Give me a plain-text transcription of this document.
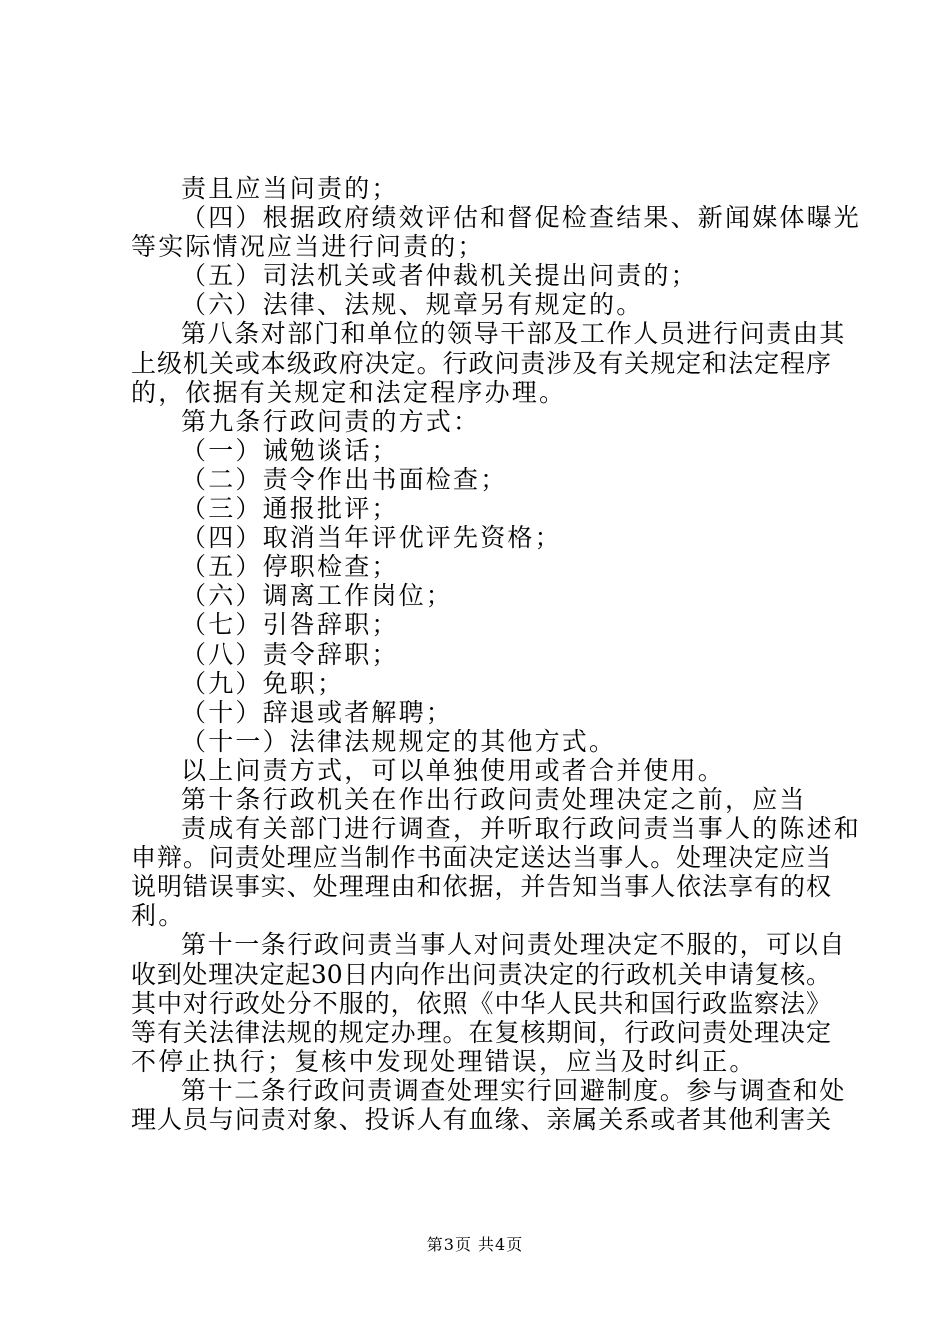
责且应当问责的；
（四）根据政府绩效评估和督促检查结果、新闻媒体曝光
等实际情况应当进行问责的；
（五）司法机关或者仲裁机关提出问责的；
（六）法律、法规、规章另有规定的。
第八条对部门和单位的领导干部及工作人员进行问责由其
上级机关或本级政府决定。行政问责涉及有关规定和法定程序
的，依据有关规定和法定程序办理。
第九条行政问责的方式：
（一）诫勉谈话；
（二）责令作出书面检查；
（三）通报批评；
（四）取消当年评优评先资格；
（五）停职检查；
（六）调离工作岗位；
（七）引咎辞职；
（八）责令辞职；
（九）免职；
（十）辞退或者解聘；
（十一）法律法规规定的其他方式。
以上问责方式，可以单独使用或者合并使用。
第十条行政机关在作出行政问责处理决定之前，应当
责成有关部门进行调查，并听取行政问责当事人的陈述和
申辩。问责处理应当制作书面决定送达当事人。处理决定应当
说明错误事实、处理理由和依据，并告知当事人依法享有的权
利。
第十一条行政问责当事人对问责处理决定不服的，可以自
收到处理决定起30日内向作出问责决定的行政机关申请复核。
其中对行政处分不服的，依照《中华人民共和国行政监察法》
等有关法律法规的规定办理。在复核期间，行政问责处理决定
不停止执行；复核中发现处理错误，应当及时纠正。
第十二条行政问责调查处理实行回避制度。参与调查和处
理人员与问责对象、投诉人有血缘、亲属关系或者其他利害关
第3页 共4页
